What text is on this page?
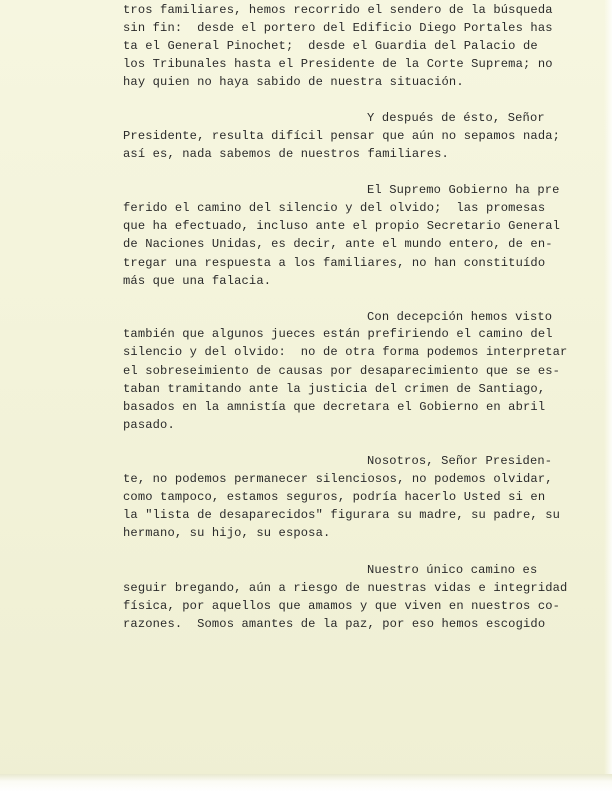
tros familiares, hemos recorrido el sendero de la búsqueda
sin fin:  desde el portero del Edificio Diego Portales has
ta el General Pinochet;  desde el Guardia del Palacio de
los Tribunales hasta el Presidente de la Corte Suprema; no
hay quien no haya sabido de nuestra situación.
Y después de ésto, Señor
Presidente, resulta difícil pensar que aún no sepamos nada;
así es, nada sabemos de nuestros familiares.
El Supremo Gobierno ha pre
ferido el camino del silencio y del olvido;  las promesas
que ha efectuado, incluso ante el propio Secretario General
de Naciones Unidas, es decir, ante el mundo entero, de en-
tregar una respuesta a los familiares, no han constituído
más que una falacia.
Con decepción hemos visto
también que algunos jueces están prefiriendo el camino del
silencio y del olvido:  no de otra forma podemos interpretar
el sobreseimiento de causas por desaparecimiento que se es-
taban tramitando ante la justicia del crimen de Santiago,
basados en la amnistía que decretara el Gobierno en abril
pasado.
Nosotros, Señor Presiden-
te, no podemos permanecer silenciosos, no podemos olvidar,
como tampoco, estamos seguros, podría hacerlo Usted si en
la "lista de desaparecidos" figurara su madre, su padre, su
hermano, su hijo, su esposa.
Nuestro único camino es
seguir bregando, aún a riesgo de nuestras vidas e integridad
física, por aquellos que amamos y que viven en nuestros co-
razones.  Somos amantes de la paz, por eso hemos escogido
